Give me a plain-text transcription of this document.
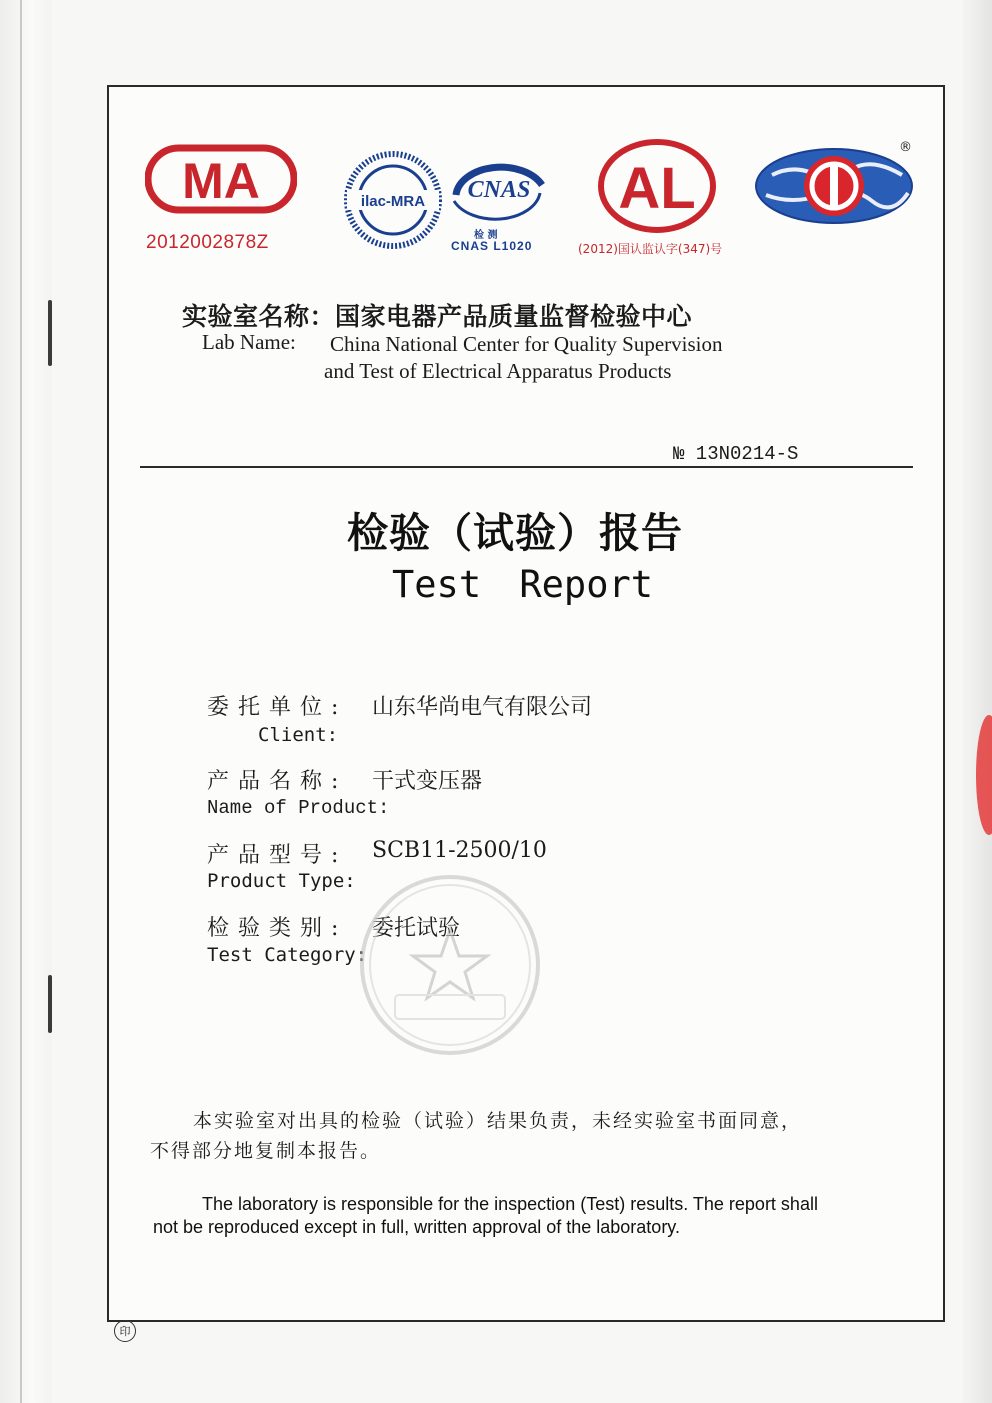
MA
2012002878Z
ilac-MRA CNAS
检 测
CNAS L1020
AL
(2012)国认监认字(347)号
®
实验室名称：国家电器产品质量监督检验中心
Lab Name: China National Center for Quality Supervision
and Test of Electrical Apparatus Products
№ 13N0214-S
检验（试验）报告
Test Report
委托单位: 山东华尚电气有限公司
Client:
产品名称: 干式变压器
Name of Product:
产品型号: SCB11-2500/10
Product Type:
检验类别: 委托试验
Test Category:
本实验室对出具的检验（试验）结果负责，未经实验室书面同意，
不得部分地复制本报告。
The laboratory is responsible for the inspection (Test) results. The report shall
not be reproduced except in full, written approval of the laboratory.
印
